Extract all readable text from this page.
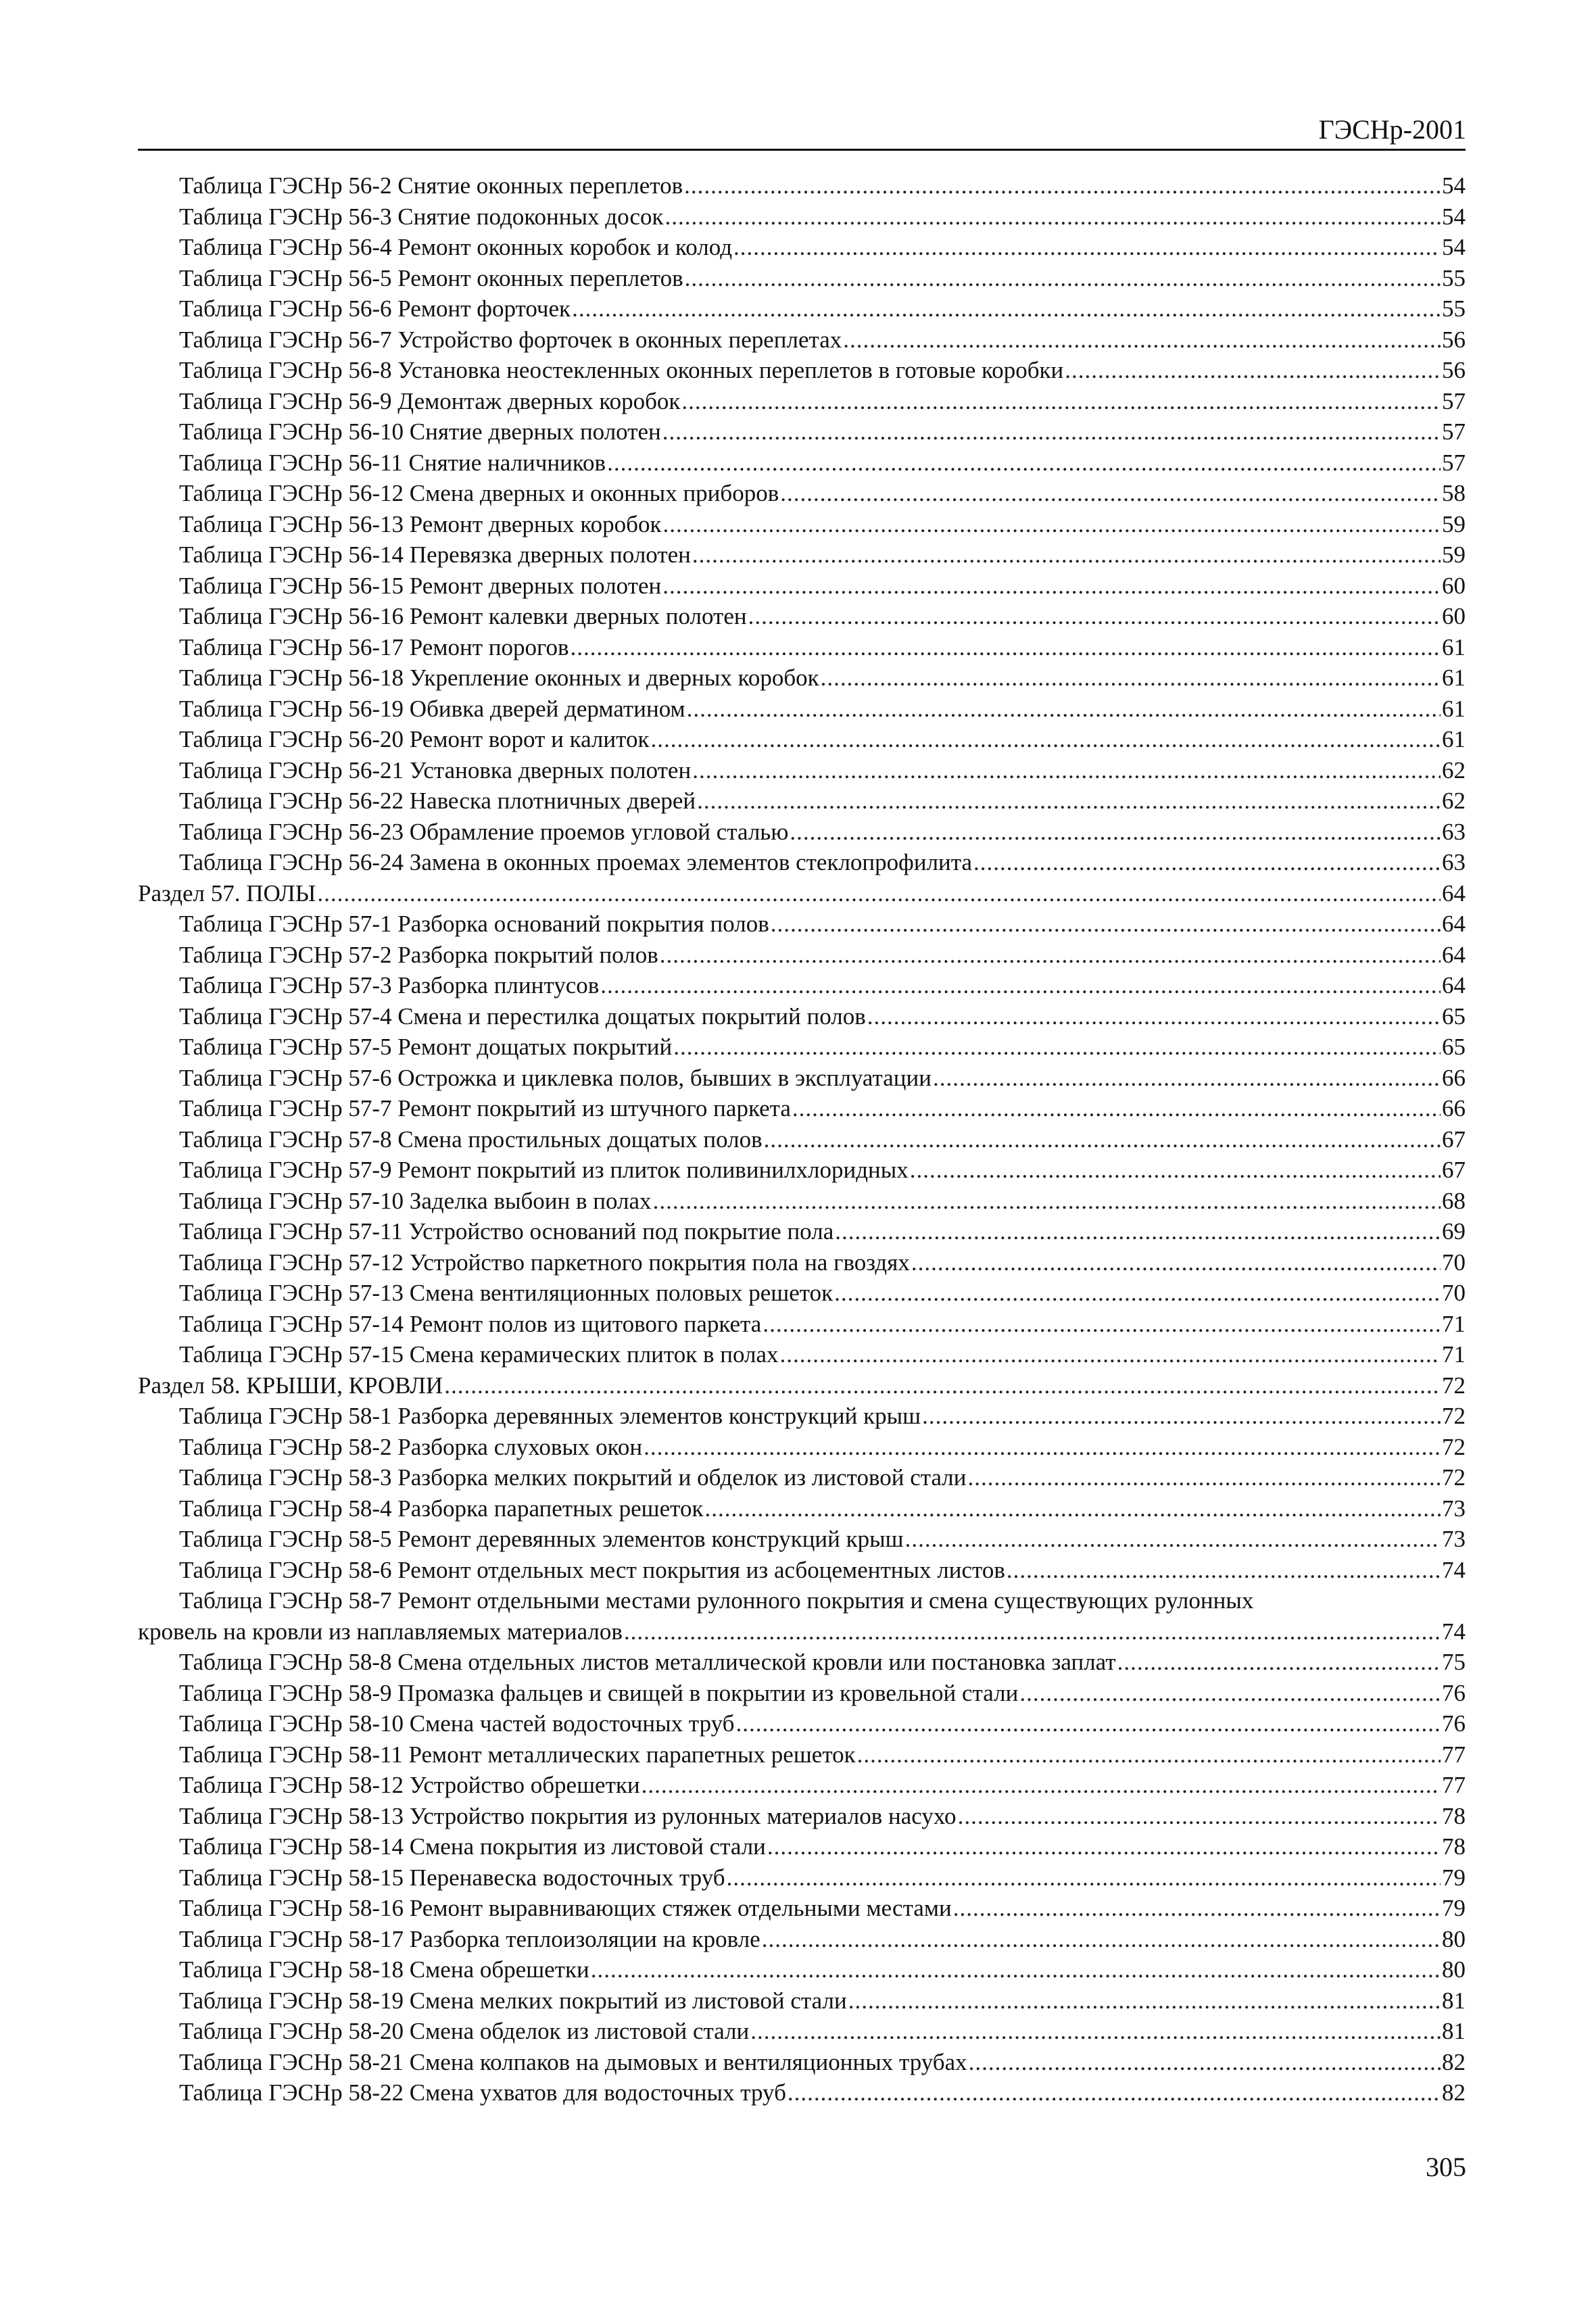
ГЭСНр-2001
Таблица ГЭСНр 56-2 Снятие оконных переплетов .....	54
Таблица ГЭСНр 56-3 Снятие подоконных досок .....	54
Таблица ГЭСНр 56-4 Ремонт оконных коробок и колод .....	54
Таблица ГЭСНр 56-5 Ремонт оконных переплетов .....	55
Таблица ГЭСНр 56-6 Ремонт форточек .....	55
Таблица ГЭСНр 56-7 Устройство форточек в оконных переплетах .....	56
Таблица ГЭСНр 56-8 Установка неостекленных оконных переплетов в готовые коробки .....	56
Таблица ГЭСНр 56-9 Демонтаж дверных коробок .....	57
Таблица ГЭСНр 56-10 Снятие дверных полотен .....	57
Таблица ГЭСНр 56-11 Снятие наличников .....	57
Таблица ГЭСНр 56-12 Смена дверных и оконных приборов .....	58
Таблица ГЭСНр 56-13 Ремонт дверных коробок .....	59
Таблица ГЭСНр 56-14 Перевязка дверных полотен .....	59
Таблица ГЭСНр 56-15 Ремонт дверных полотен .....	60
Таблица ГЭСНр 56-16 Ремонт калевки дверных полотен .....	60
Таблица ГЭСНр 56-17 Ремонт порогов .....	61
Таблица ГЭСНр 56-18 Укрепление оконных и дверных коробок .....	61
Таблица ГЭСНр 56-19 Обивка дверей дерматином .....	61
Таблица ГЭСНр 56-20 Ремонт ворот и калиток .....	61
Таблица ГЭСНр 56-21 Установка дверных полотен .....	62
Таблица ГЭСНр 56-22 Навеска плотничных дверей .....	62
Таблица ГЭСНр 56-23 Обрамление проемов угловой сталью .....	63
Таблица ГЭСНр 56-24 Замена в оконных проемах элементов стеклопрофилита .....	63
Раздел 57. ПОЛЫ .....	64
Таблица ГЭСНр 57-1 Разборка оснований покрытия полов .....	64
Таблица ГЭСНр 57-2 Разборка покрытий полов .....	64
Таблица ГЭСНр 57-3 Разборка плинтусов .....	64
Таблица ГЭСНр 57-4 Смена и перестилка дощатых покрытий полов .....	65
Таблица ГЭСНр 57-5 Ремонт дощатых покрытий .....	65
Таблица ГЭСНр 57-6 Острожка и циклевка полов, бывших в эксплуатации .....	66
Таблица ГЭСНр 57-7 Ремонт покрытий из штучного паркета .....	66
Таблица ГЭСНр 57-8 Смена простильных дощатых полов .....	67
Таблица ГЭСНр 57-9 Ремонт покрытий из плиток поливинилхлоридных .....	67
Таблица ГЭСНр 57-10 Заделка выбоин в полах .....	68
Таблица ГЭСНр 57-11 Устройство оснований под покрытие пола .....	69
Таблица ГЭСНр 57-12 Устройство паркетного покрытия пола на гвоздях .....	70
Таблица ГЭСНр 57-13 Смена вентиляционных половых решеток .....	70
Таблица ГЭСНр 57-14 Ремонт полов из щитового паркета .....	71
Таблица ГЭСНр 57-15 Смена керамических плиток в полах .....	71
Раздел 58. КРЫШИ, КРОВЛИ .....	72
Таблица ГЭСНр 58-1 Разборка деревянных элементов конструкций крыш .....	72
Таблица ГЭСНр 58-2 Разборка слуховых окон .....	72
Таблица ГЭСНр 58-3 Разборка мелких покрытий и обделок из листовой стали .....	72
Таблица ГЭСНр 58-4 Разборка парапетных решеток .....	73
Таблица ГЭСНр 58-5 Ремонт деревянных элементов конструкций крыш .....	73
Таблица ГЭСНр 58-6 Ремонт отдельных мест покрытия из асбоцементных листов .....	74
Таблица ГЭСНр 58-7 Ремонт отдельными местами рулонного покрытия и смена существующих рулонных
кровель на кровли из наплавляемых материалов .....	74
Таблица ГЭСНр 58-8 Смена отдельных листов металлической кровли или постановка заплат .....	75
Таблица ГЭСНр 58-9 Промазка фальцев и свищей в покрытии из кровельной стали .....	76
Таблица ГЭСНр 58-10 Смена частей водосточных труб .....	76
Таблица ГЭСНр 58-11 Ремонт металлических парапетных решеток .....	77
Таблица ГЭСНр 58-12 Устройство обрешетки .....	77
Таблица ГЭСНр 58-13 Устройство покрытия из рулонных материалов насухо .....	78
Таблица ГЭСНр 58-14 Смена покрытия из листовой стали .....	78
Таблица ГЭСНр 58-15 Перенавеска водосточных труб .....	79
Таблица ГЭСНр 58-16 Ремонт выравнивающих стяжек отдельными местами .....	79
Таблица ГЭСНр 58-17 Разборка теплоизоляции на кровле .....	80
Таблица ГЭСНр 58-18 Смена обрешетки .....	80
Таблица ГЭСНр 58-19 Смена мелких покрытий из листовой стали .....	81
Таблица ГЭСНр 58-20 Смена обделок из листовой стали .....	81
Таблица ГЭСНр 58-21 Смена колпаков на дымовых и вентиляционных трубах .....	82
Таблица ГЭСНр 58-22 Смена ухватов для водосточных труб .....	82
305
